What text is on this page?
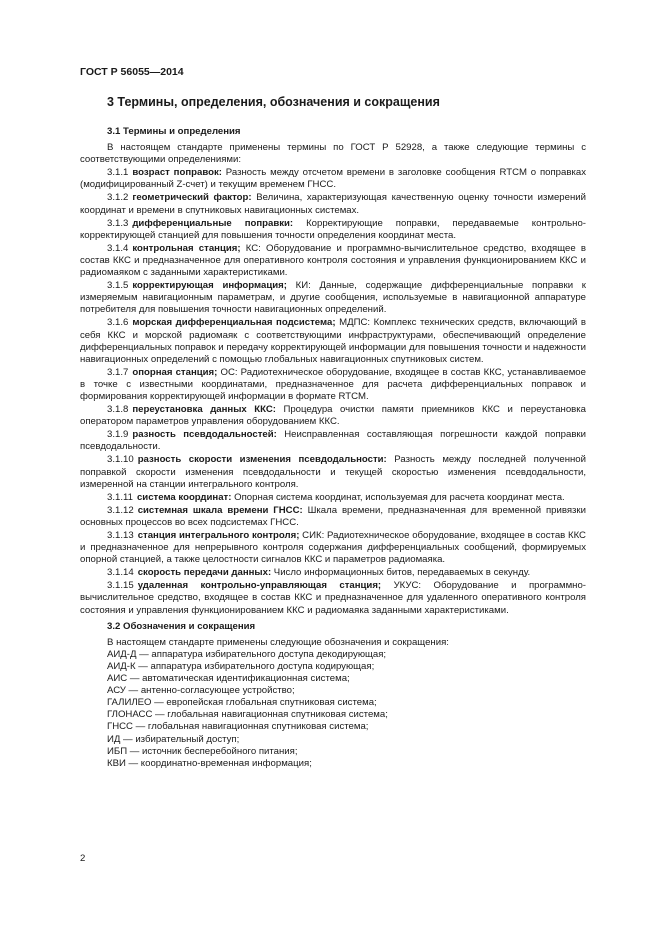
ГОСТ Р 56055—2014
3 Термины, определения, обозначения и сокращения

3.1 Термины и определения

В настоящем стандарте применены термины по ГОСТ Р 52928, а также следующие термины с соответствующими определениями:

3.1.1 возраст поправок: Разность между отсчетом времени в заголовке сообщения RTCM о поправках (модифицированный Z-счет) и текущим временем ГНСС.

3.1.2 геометрический фактор: Величина, характеризующая качественную оценку точности измерений координат и времени в спутниковых навигационных системах.

3.1.3 дифференциальные поправки: Корректирующие поправки, передаваемые контрольно-корректирующей станцией для повышения точности определения координат места.

3.1.4 контрольная станция; КС: Оборудование и программно-вычислительное средство, входящее в состав ККС и предназначенное для оперативного контроля состояния и управления функционированием ККС и радиомаяком с заданными характеристиками.

3.1.5 корректирующая информация; КИ: Данные, содержащие дифференциальные поправки к измеряемым навигационным параметрам, и другие сообщения, используемые в навигационной аппаратуре потребителя для повышения точности навигационных определений.

3.1.6 морская дифференциальная подсистема; МДПС: Комплекс технических средств, включающий в себя ККС и морской радиомаяк с соответствующими инфраструктурами, обеспечивающий определение дифференциальных поправок и передачу корректирующей информации для повышения точности и надежности навигационных определений с помощью глобальных навигационных спутниковых систем.

3.1.7 опорная станция; ОС: Радиотехническое оборудование, входящее в состав ККС, устанавливаемое в точке с известными координатами, предназначенное для расчета дифференциальных поправок и формирования корректирующей информации в формате RTCM.

3.1.8 переустановка данных ККС: Процедура очистки памяти приемников ККС и переустановка оператором параметров управления оборудованием ККС.

3.1.9 разность псевдодальностей: Неисправленная составляющая погрешности каждой поправки псевдодальности.

3.1.10 разность скорости изменения псевдодальности: Разность между последней полученной поправкой скорости изменения псевдодальности и текущей скоростью изменения псевдодальности, измеренной на станции интегрального контроля.

3.1.11 система координат: Опорная система координат, используемая для расчета координат места.

3.1.12 системная шкала времени ГНСС: Шкала времени, предназначенная для временной привязки основных процессов во всех подсистемах ГНСС.

3.1.13 станция интегрального контроля; СИК: Радиотехническое оборудование, входящее в состав ККС и предназначенное для непрерывного контроля содержания дифференциальных сообщений, формируемых опорной станцией, а также целостности сигналов ККС и параметров радиомаяка.

3.1.14 скорость передачи данных: Число информационных битов, передаваемых в секунду.

3.1.15 удаленная контрольно-управляющая станция; УКУС: Оборудование и программно-вычислительное средство, входящее в состав ККС и предназначенное для удаленного оперативного контроля состояния и управления функционированием ККС и радиомаяка заданными характеристиками.

3.2 Обозначения и сокращения

В настоящем стандарте применены следующие обозначения и сокращения:

АИД-Д — аппаратура избирательного доступа декодирующая;

АИД-К — аппаратура избирательного доступа кодирующая;

АИС — автоматическая идентификационная система;

АСУ — антенно-согласующее устройство;

ГАЛИЛЕО — европейская глобальная спутниковая система;

ГЛОНАСС — глобальная навигационная спутниковая система;

ГНСС — глобальная навигационная спутниковая система;

ИД — избирательный доступ;

ИБП — источник бесперебойного питания;

КВИ — координатно-временная информация;

2
